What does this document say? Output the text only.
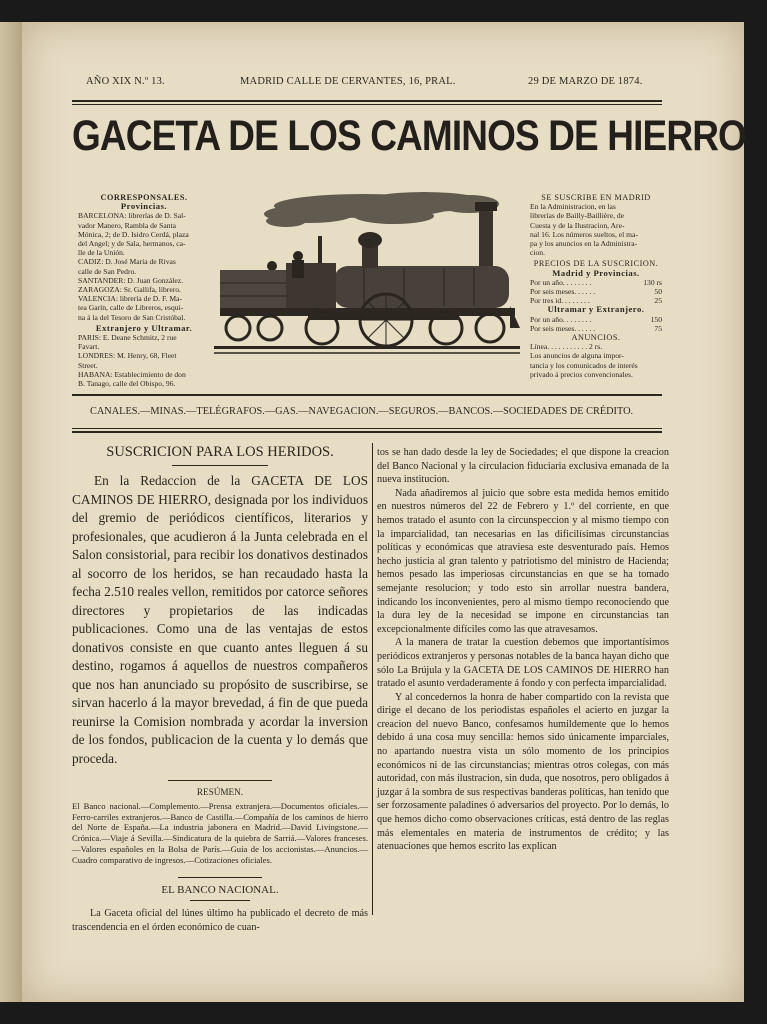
AÑO XIX N.º 13.	MADRID CALLE DE CERVANTES, 16, PRAL.	29 DE MARZO DE 1874.
GACETA DE LOS CAMINOS DE HIERRO
CORRESPONSALES.
Provincias.
BARCELONA: librerías de D. Sal-
vador Manero, Rambla de Santa
Mónica, 2; de D. Isidro Cerdá, plaza
del Angel; y de Sala, hermanos, ca-
lle de la Unión.
CADIZ: D. José María de Rivas
calle de San Pedro.
SANTANDER: D. Juan González.
ZARAGOZA: Sr. Gallifa, librero.
VALENCIA: librería de D. F. Ma-
tea Garín, calle de Libreros, esqui-
na á la del Tesoro de San Cristóbal.
Extranjero y Ultramar.
PARIS: E. Deane Schmitz, 2 rue
Favart.
LONDRES: M. Henry, 68, Fleet
Street.
HABANA: Establecimiento de don
B. Tanago, calle del Obispo, 96.
SE SUSCRIBE EN MADRID
En la Administracion, en las
librerías de Bailly-Baillière, de
Cuesta y de la Ilustracion, Are-
nal 16. Los números sueltos, el ma-
pa y los anuncios en la Administra-
cion.
PRECIOS DE LA SUSCRICION.
Madrid y Provincias.
Por un año. . . . . . . .	130 rs
Por seis meses. . . . . .	50
Por tres id. . . . . . . .	25
Ultramar y Extranjero.
Por un año. . . . . . . .	150
Por seis meses. . . . . .	75
ANUNCIOS.
Línea. . . . . . . . . . . 2 rs.
Los anuncios de alguna impor-
tancia y los comunicados de interés
privado á precios convencionales.
CANALES.—MINAS.—TELÉGRAFOS.—GAS.—NAVEGACION.—SEGUROS.—BANCOS.—SOCIEDADES DE CRÉDITO.
SUSCRICION PARA LOS HERIDOS.

En la Redaccion de la GACETA DE LOS CAMINOS DE HIERRO, designada por los individuos del gremio de periódicos científicos, literarios y profesionales, que acudieron á la Junta celebrada en el Salon consistorial, para recibir los donativos destinados al socorro de los heridos, se han recaudado hasta la fecha 2.510 reales vellon, remitidos por catorce señores directores y propietarios de las indicadas publicaciones. Como una de las ventajas de estos donativos consiste en que cuanto antes lleguen á su destino, rogamos á aquellos de nuestros compañeros que nos han anunciado su propósito de suscribirse, se sirvan hacerlo á la mayor brevedad, á fin de que pueda reunirse la Comision nombrada y acordar la inversion de los fondos, publicacion de la cuenta y lo demás que proceda.

RESÚMEN.

El Banco nacional.—Complemento.—Prensa extranjera.—Documentos oficiales.—Ferro-carriles extranjeros.—Banco de Castilla.—Compañía de los caminos de hierro del Norte de España.—La industria jabonera en Madrid.—David Livingstone.—Crónica.—Viaje á Sevilla.—Sindicatura de la quiebra de Sarriá.—Valores franceses.—Valores españoles en la Bolsa de París.—Guía de los accionistas.—Anuncios.—Cuadro comparativo de ingresos.—Cotizaciones oficiales.

EL BANCO NACIONAL.

La Gaceta oficial del lúnes último ha publicado el decreto de más trascendencia en el órden económico de cuan-

tos se han dado desde la ley de Sociedades; el que dispone la creacion del Banco Nacional y la circulacion fiduciaria exclusiva emanada de la nueva institucion.

Nada añadiremos al juicio que sobre esta medida hemos emitido en nuestros números del 22 de Febrero y 1.º del corriente, en que hemos tratado el asunto con la circunspeccion y al mismo tiempo con la imparcialidad, tan necesarias en las dificilísimas circunstancias políticas y económicas que atraviesa este desventurado país. Hemos hecho justicia al gran talento y patriotismo del ministro de Hacienda; hemos pesado las imperiosas circunstancias en que se ha tomado semejante resolucion; y todo esto sin arrollar nuestra bandera, indicando los inconvenientes, pero al mismo tiempo reconociendo que la dura ley de la necesidad se impone en circunstancias tan excepcionalmente difíciles como las que atravesamos.

A la manera de tratar la cuestion debemos que importantísimos periódicos extranjeros y personas notables de la banca hayan dicho que sólo La Brújula y la GACETA DE LOS CAMINOS DE HIERRO han tratado el asunto verdaderamente á fondo y con perfecta imparcialidad.

Y al concedernos la honra de haber compartido con la revista que dirige el decano de los periodistas españoles el acierto en juzgar la creacion del nuevo Banco, confesamos humildemente que lo hemos debido á una cosa muy sencilla: hemos sido únicamente imparciales, no apartando nuestra vista un sólo momento de los principios económicos ni de las circunstancias; mientras otros colegas, con más autoridad, con más ilustracion, sin duda, que nosotros, pero obligados á juzgar á la sombra de sus respectivas banderas políticas, han tenido que ser forzosamente paladines ó adversarios del proyecto. Por lo demás, lo que hemos dicho como observaciones críticas, está dentro de las reglas más elementales en materia de instrumentos de crédito; y las atenuaciones que hemos escrito las explican
